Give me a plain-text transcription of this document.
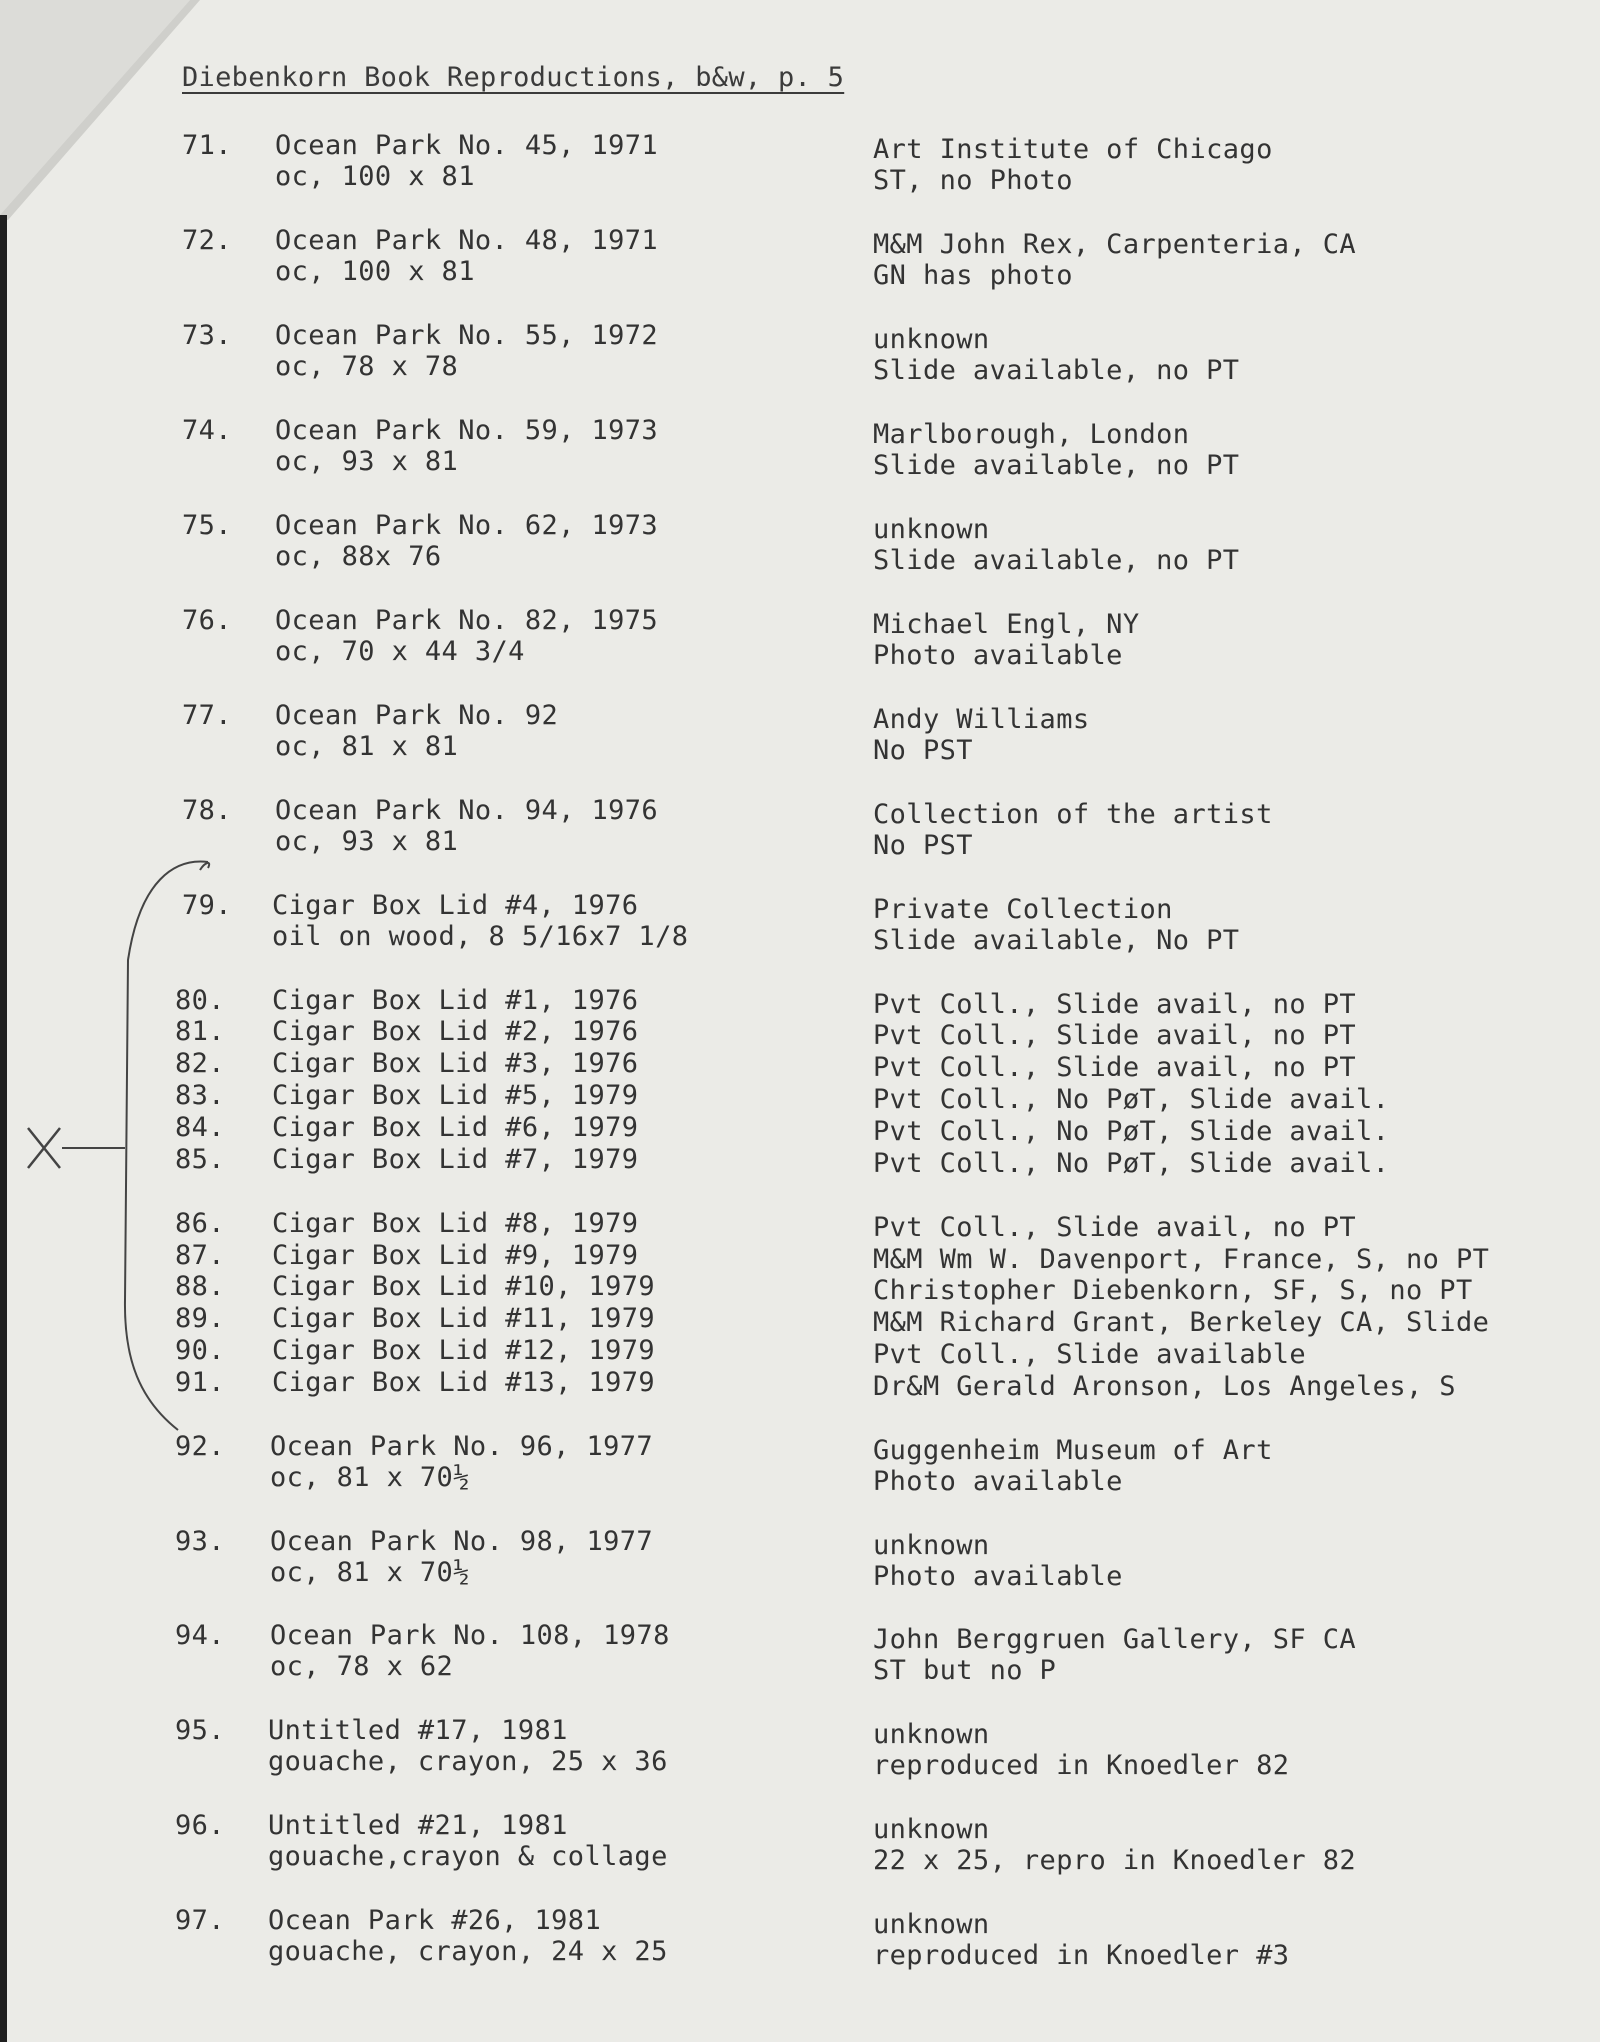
Diebenkorn Book Reproductions, b&w, p. 5
71. Ocean Park No. 45, 1971	Art Institute of Chicago
oc, 100 x 81	ST, no Photo
72. Ocean Park No. 48, 1971	M&M John Rex, Carpenteria, CA
oc, 100 x 81	GN has photo
73. Ocean Park No. 55, 1972	unknown
oc, 78 x 78	Slide available, no PT
74. Ocean Park No. 59, 1973	Marlborough, London
oc, 93 x 81	Slide available, no PT
75. Ocean Park No. 62, 1973	unknown
oc, 88x 76	Slide available, no PT
76. Ocean Park No. 82, 1975	Michael Engl, NY
oc, 70 x 44 3/4	Photo available
77. Ocean Park No. 92	Andy Williams
oc, 81 x 81	No PST
78. Ocean Park No. 94, 1976	Collection of the artist
oc, 93 x 81	No PST
79. Cigar Box Lid #4, 1976	Private Collection
oil on wood, 8 5/16x7 1/8	Slide available, No PT
80. Cigar Box Lid #1, 1976	Pvt Coll., Slide avail, no PT
81. Cigar Box Lid #2, 1976	Pvt Coll., Slide avail, no PT
82. Cigar Box Lid #3, 1976	Pvt Coll., Slide avail, no PT
83. Cigar Box Lid #5, 1979	Pvt Coll., No PøT, Slide avail.
84. Cigar Box Lid #6, 1979	Pvt Coll., No PøT, Slide avail.
85. Cigar Box Lid #7, 1979	Pvt Coll., No PøT, Slide avail.
86. Cigar Box Lid #8, 1979	Pvt Coll., Slide avail, no PT
87. Cigar Box Lid #9, 1979	M&M Wm W. Davenport, France, S, no PT
88. Cigar Box Lid #10, 1979	Christopher Diebenkorn, SF, S, no PT
89. Cigar Box Lid #11, 1979	M&M Richard Grant, Berkeley CA, Slide
90. Cigar Box Lid #12, 1979	Pvt Coll., Slide available
91. Cigar Box Lid #13, 1979	Dr&M Gerald Aronson, Los Angeles, S
92. Ocean Park No. 96, 1977	Guggenheim Museum of Art
oc, 81 x 70½	Photo available
93. Ocean Park No. 98, 1977	unknown
oc, 81 x 70½	Photo available
94. Ocean Park No. 108, 1978	John Berggruen Gallery, SF CA
oc, 78 x 62	ST but no P
95. Untitled #17, 1981	unknown
gouache, crayon, 25 x 36	reproduced in Knoedler 82
96. Untitled #21, 1981	unknown
gouache,crayon & collage	22 x 25, repro in Knoedler 82
97. Ocean Park #26, 1981	unknown
gouache, crayon, 24 x 25	reproduced in Knoedler #3
